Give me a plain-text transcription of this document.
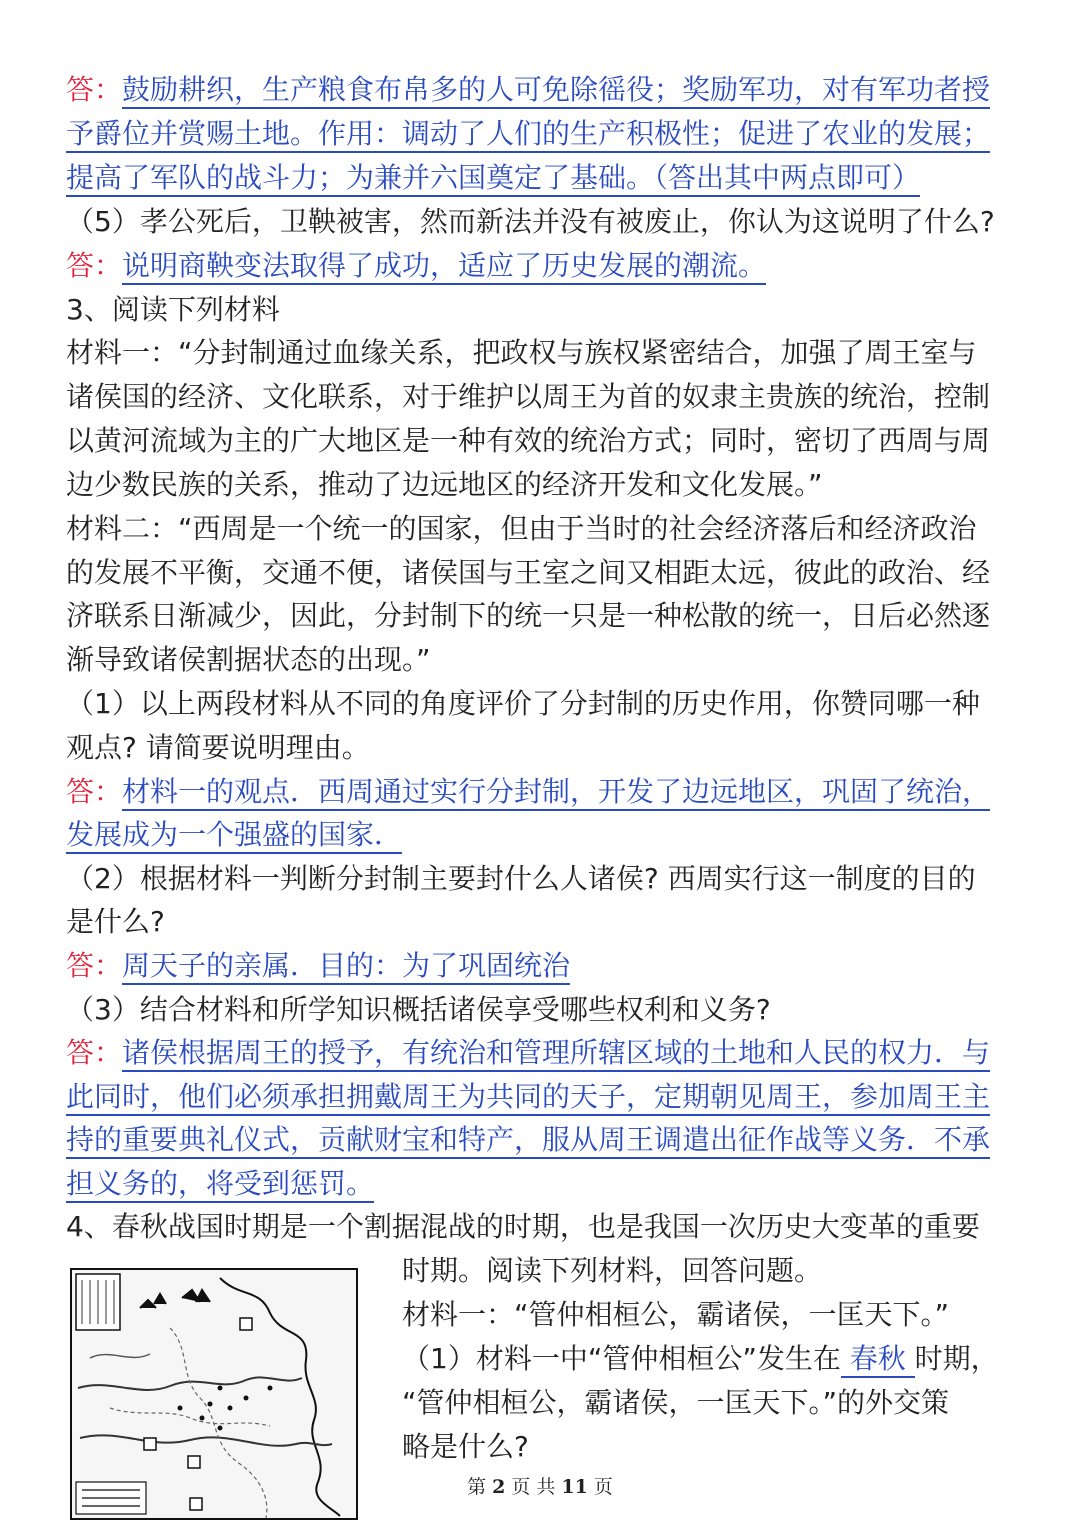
答：鼓励耕织，生产粮食布帛多的人可免除徭役；奖励军功，对有军功者授
予爵位并赏赐土地。作用：调动了人们的生产积极性；促进了农业的发展；
提高了军队的战斗力；为兼并六国奠定了基础。（答出其中两点即可）
（5）孝公死后，卫鞅被害，然而新法并没有被废止，你认为这说明了什么?
答：说明商鞅变法取得了成功，适应了历史发展的潮流。
3、阅读下列材料
材料一：“分封制通过血缘关系，把政权与族权紧密结合，加强了周王室与
诸侯国的经济、文化联系，对于维护以周王为首的奴隶主贵族的统治，控制
以黄河流域为主的广大地区是一种有效的统治方式；同时，密切了西周与周
边少数民族的关系，推动了边远地区的经济开发和文化发展。”
材料二：“西周是一个统一的国家，但由于当时的社会经济落后和经济政治
的发展不平衡，交通不便，诸侯国与王室之间又相距太远，彼此的政治、经
济联系日渐减少，因此，分封制下的统一只是一种松散的统一，日后必然逐
渐导致诸侯割据状态的出现。”
（1）以上两段材料从不同的角度评价了分封制的历史作用，你赞同哪一种
观点? 请简要说明理由。
答：材料一的观点．西周通过实行分封制，开发了边远地区，巩固了统治，
发展成为一个强盛的国家．
（2）根据材料一判断分封制主要封什么人诸侯? 西周实行这一制度的目的
是什么?
答：周天子的亲属．目的：为了巩固统治
（3）结合材料和所学知识概括诸侯享受哪些权利和义务?
答：诸侯根据周王的授予，有统治和管理所辖区域的土地和人民的权力．与
此同时，他们必须承担拥戴周王为共同的天子，定期朝见周王，参加周王主
持的重要典礼仪式，贡献财宝和特产，服从周王调遣出征作战等义务．不承
担义务的，将受到惩罚。
4、春秋战国时期是一个割据混战的时期，也是我国一次历史大变革的重要
时期。阅读下列材料，回答问题。
材料一：“管仲相桓公，霸诸侯，一匡天下。”
（1）材料一中“管仲相桓公”发生在 春秋 时期，
“管仲相桓公，霸诸侯，一匡天下。”的外交策
略是什么?
第 2 页 共 11 页
